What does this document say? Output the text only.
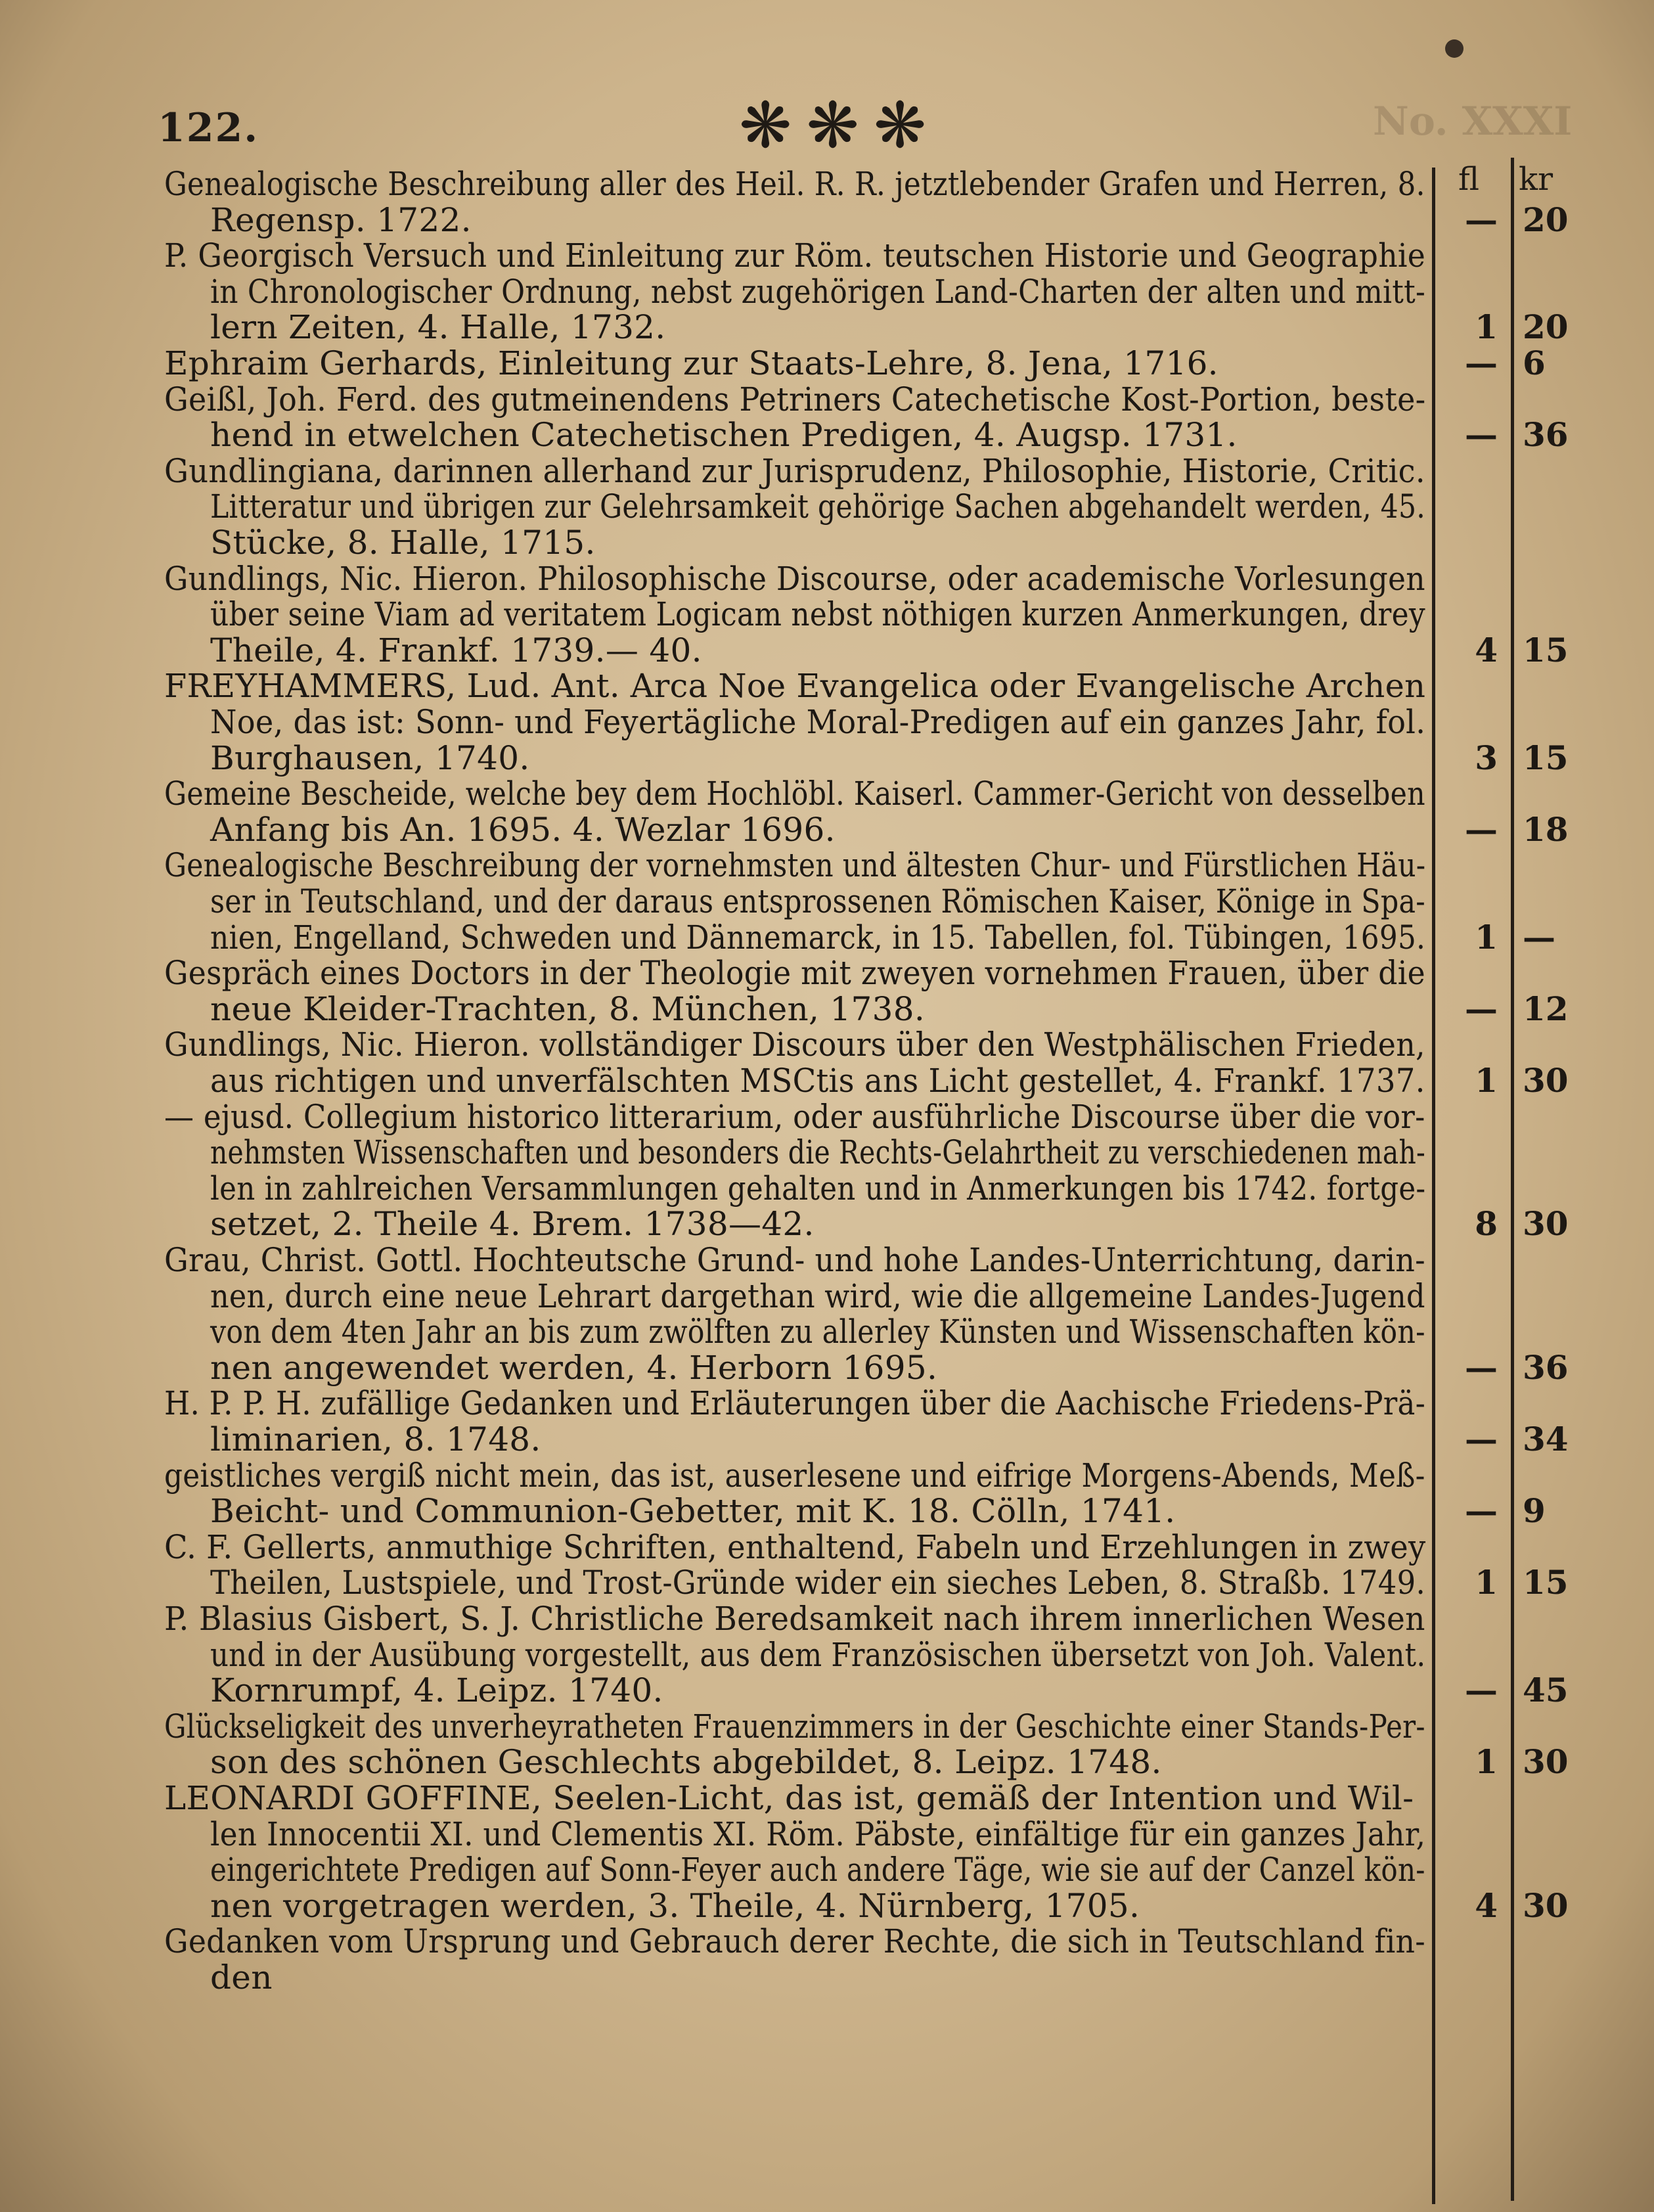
122.	❋❋❋	No. XXXI
fl kr
Genealogische Beschreibung aller des Heil. R. R. jetztlebender Grafen und Herren, 8.
Regensp. 1722.	— 20
P. Georgisch Versuch und Einleitung zur Röm. teutschen Historie und Geographie
in Chronologischer Ordnung, nebst zugehörigen Land-Charten der alten und mitt-
lern Zeiten, 4. Halle, 1732.	1 20
Ephraim Gerhards, Einleitung zur Staats-Lehre, 8. Jena, 1716.	— 6
Geißl, Joh. Ferd. des gutmeinendens Petriners Catechetische Kost-Portion, beste-
hend in etwelchen Catechetischen Predigen, 4. Augsp. 1731.	— 36
Gundlingiana, darinnen allerhand zur Jurisprudenz, Philosophie, Historie, Critic.
Litteratur und übrigen zur Gelehrsamkeit gehörige Sachen abgehandelt werden, 45.
Stücke, 8. Halle, 1715.
Gundlings, Nic. Hieron. Philosophische Discourse, oder academische Vorlesungen
über seine Viam ad veritatem Logicam nebst nöthigen kurzen Anmerkungen, drey
Theile, 4. Frankf. 1739.— 40.	4 15
FREYHAMMERS, Lud. Ant. Arca Noe Evangelica oder Evangelische Archen
Noe, das ist: Sonn- und Feyertägliche Moral-Predigen auf ein ganzes Jahr, fol.
Burghausen, 1740.	3 15
Gemeine Bescheide, welche bey dem Hochlöbl. Kaiserl. Cammer-Gericht von desselben
Anfang bis An. 1695. 4. Wezlar 1696.	— 18
Genealogische Beschreibung der vornehmsten und ältesten Chur- und Fürstlichen Häu-
ser in Teutschland, und der daraus entsprossenen Römischen Kaiser, Könige in Spa-
nien, Engelland, Schweden und Dännemarck, in 15. Tabellen, fol. Tübingen, 1695.	1 —
Gespräch eines Doctors in der Theologie mit zweyen vornehmen Frauen, über die
neue Kleider-Trachten, 8. München, 1738.	— 12
Gundlings, Nic. Hieron. vollständiger Discours über den Westphälischen Frieden,
aus richtigen und unverfälschten MSCtis ans Licht gestellet, 4. Frankf. 1737.	1 30
— ejusd. Collegium historico litterarium, oder ausführliche Discourse über die vor-
nehmsten Wissenschaften und besonders die Rechts-Gelahrtheit zu verschiedenen mah-
len in zahlreichen Versammlungen gehalten und in Anmerkungen bis 1742. fortge-
setzet, 2. Theile 4. Brem. 1738—42.	8 30
Grau, Christ. Gottl. Hochteutsche Grund- und hohe Landes-Unterrichtung, darin-
nen, durch eine neue Lehrart dargethan wird, wie die allgemeine Landes-Jugend
von dem 4ten Jahr an bis zum zwölften zu allerley Künsten und Wissenschaften kön-
nen angewendet werden, 4. Herborn 1695.	— 36
H. P. P. H. zufällige Gedanken und Erläuterungen über die Aachische Friedens-Prä-
liminarien, 8. 1748.	— 34
geistliches vergiß nicht mein, das ist, auserlesene und eifrige Morgens-Abends, Meß-
Beicht- und Communion-Gebetter, mit K. 18. Cölln, 1741.	— 9
C. F. Gellerts, anmuthige Schriften, enthaltend, Fabeln und Erzehlungen in zwey
Theilen, Lustspiele, und Trost-Gründe wider ein sieches Leben, 8. Straßb. 1749.	1 15
P. Blasius Gisbert, S. J. Christliche Beredsamkeit nach ihrem innerlichen Wesen
und in der Ausübung vorgestellt, aus dem Französischen übersetzt von Joh. Valent.
Kornrumpf, 4. Leipz. 1740.	— 45
Glückseligkeit des unverheyratheten Frauenzimmers in der Geschichte einer Stands-Per-
son des schönen Geschlechts abgebildet, 8. Leipz. 1748.	1 30
LEONARDI GOFFINE, Seelen-Licht, das ist, gemäß der Intention und Wil-
len Innocentii XI. und Clementis XI. Röm. Päbste, einfältige für ein ganzes Jahr,
eingerichtete Predigen auf Sonn-Feyer auch andere Täge, wie sie auf der Canzel kön-
nen vorgetragen werden, 3. Theile, 4. Nürnberg, 1705.	4 30
Gedanken vom Ursprung und Gebrauch derer Rechte, die sich in Teutschland fin-
den
